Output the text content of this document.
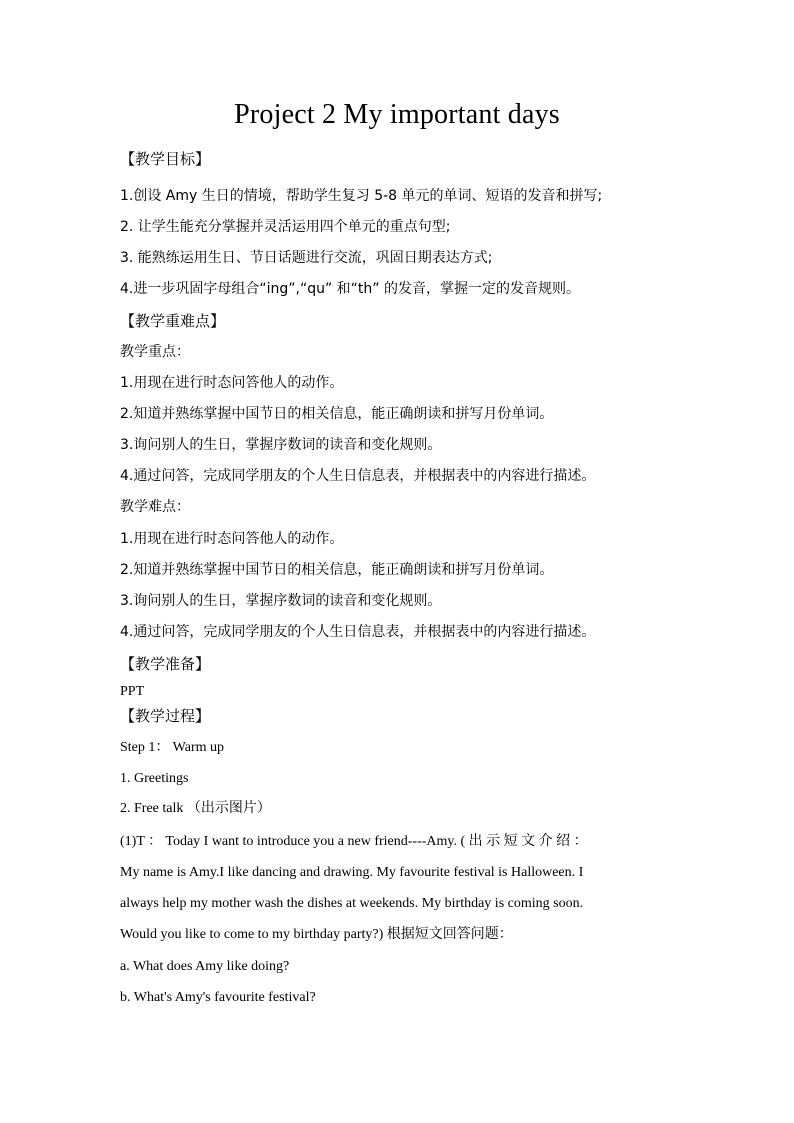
Project 2 My important days
【教学目标】
1.创设 Amy 生日的情境，帮助学生复习 5-8 单元的单词、短语的发音和拼写;
2. 让学生能充分掌握并灵活运用四个单元的重点句型;
3. 能熟练运用生日、节日话题进行交流，巩固日期表达方式;
4.进一步巩固字母组合“ing”,“qu” 和“th” 的发音，掌握一定的发音规则。
【教学重难点】
教学重点：
1.用现在进行时态问答他人的动作。
2.知道并熟练掌握中国节日的相关信息，能正确朗读和拼写月份单词。
3.询问别人的生日，掌握序数词的读音和变化规则。
4.通过问答，完成同学朋友的个人生日信息表，并根据表中的内容进行描述。
教学难点：
1.用现在进行时态问答他人的动作。
2.知道并熟练掌握中国节日的相关信息，能正确朗读和拼写月份单词。
3.询问别人的生日，掌握序数词的读音和变化规则。
4.通过问答，完成同学朋友的个人生日信息表，并根据表中的内容进行描述。
【教学准备】
PPT
【教学过程】
Step 1： Warm up
1. Greetings
2. Free talk （出示图片）
(1)T ： Today I want to introduce you a new friend----Amy. ( 出 示 短 文 介 绍 ：
My name is Amy.I like dancing and drawing. My favourite festival is Halloween. I
always help my mother wash the dishes at weekends. My birthday is coming soon.
Would you like to come to my birthday party?) 根据短文回答问题：
a. What does Amy like doing?
b. What's Amy's favourite festival?
